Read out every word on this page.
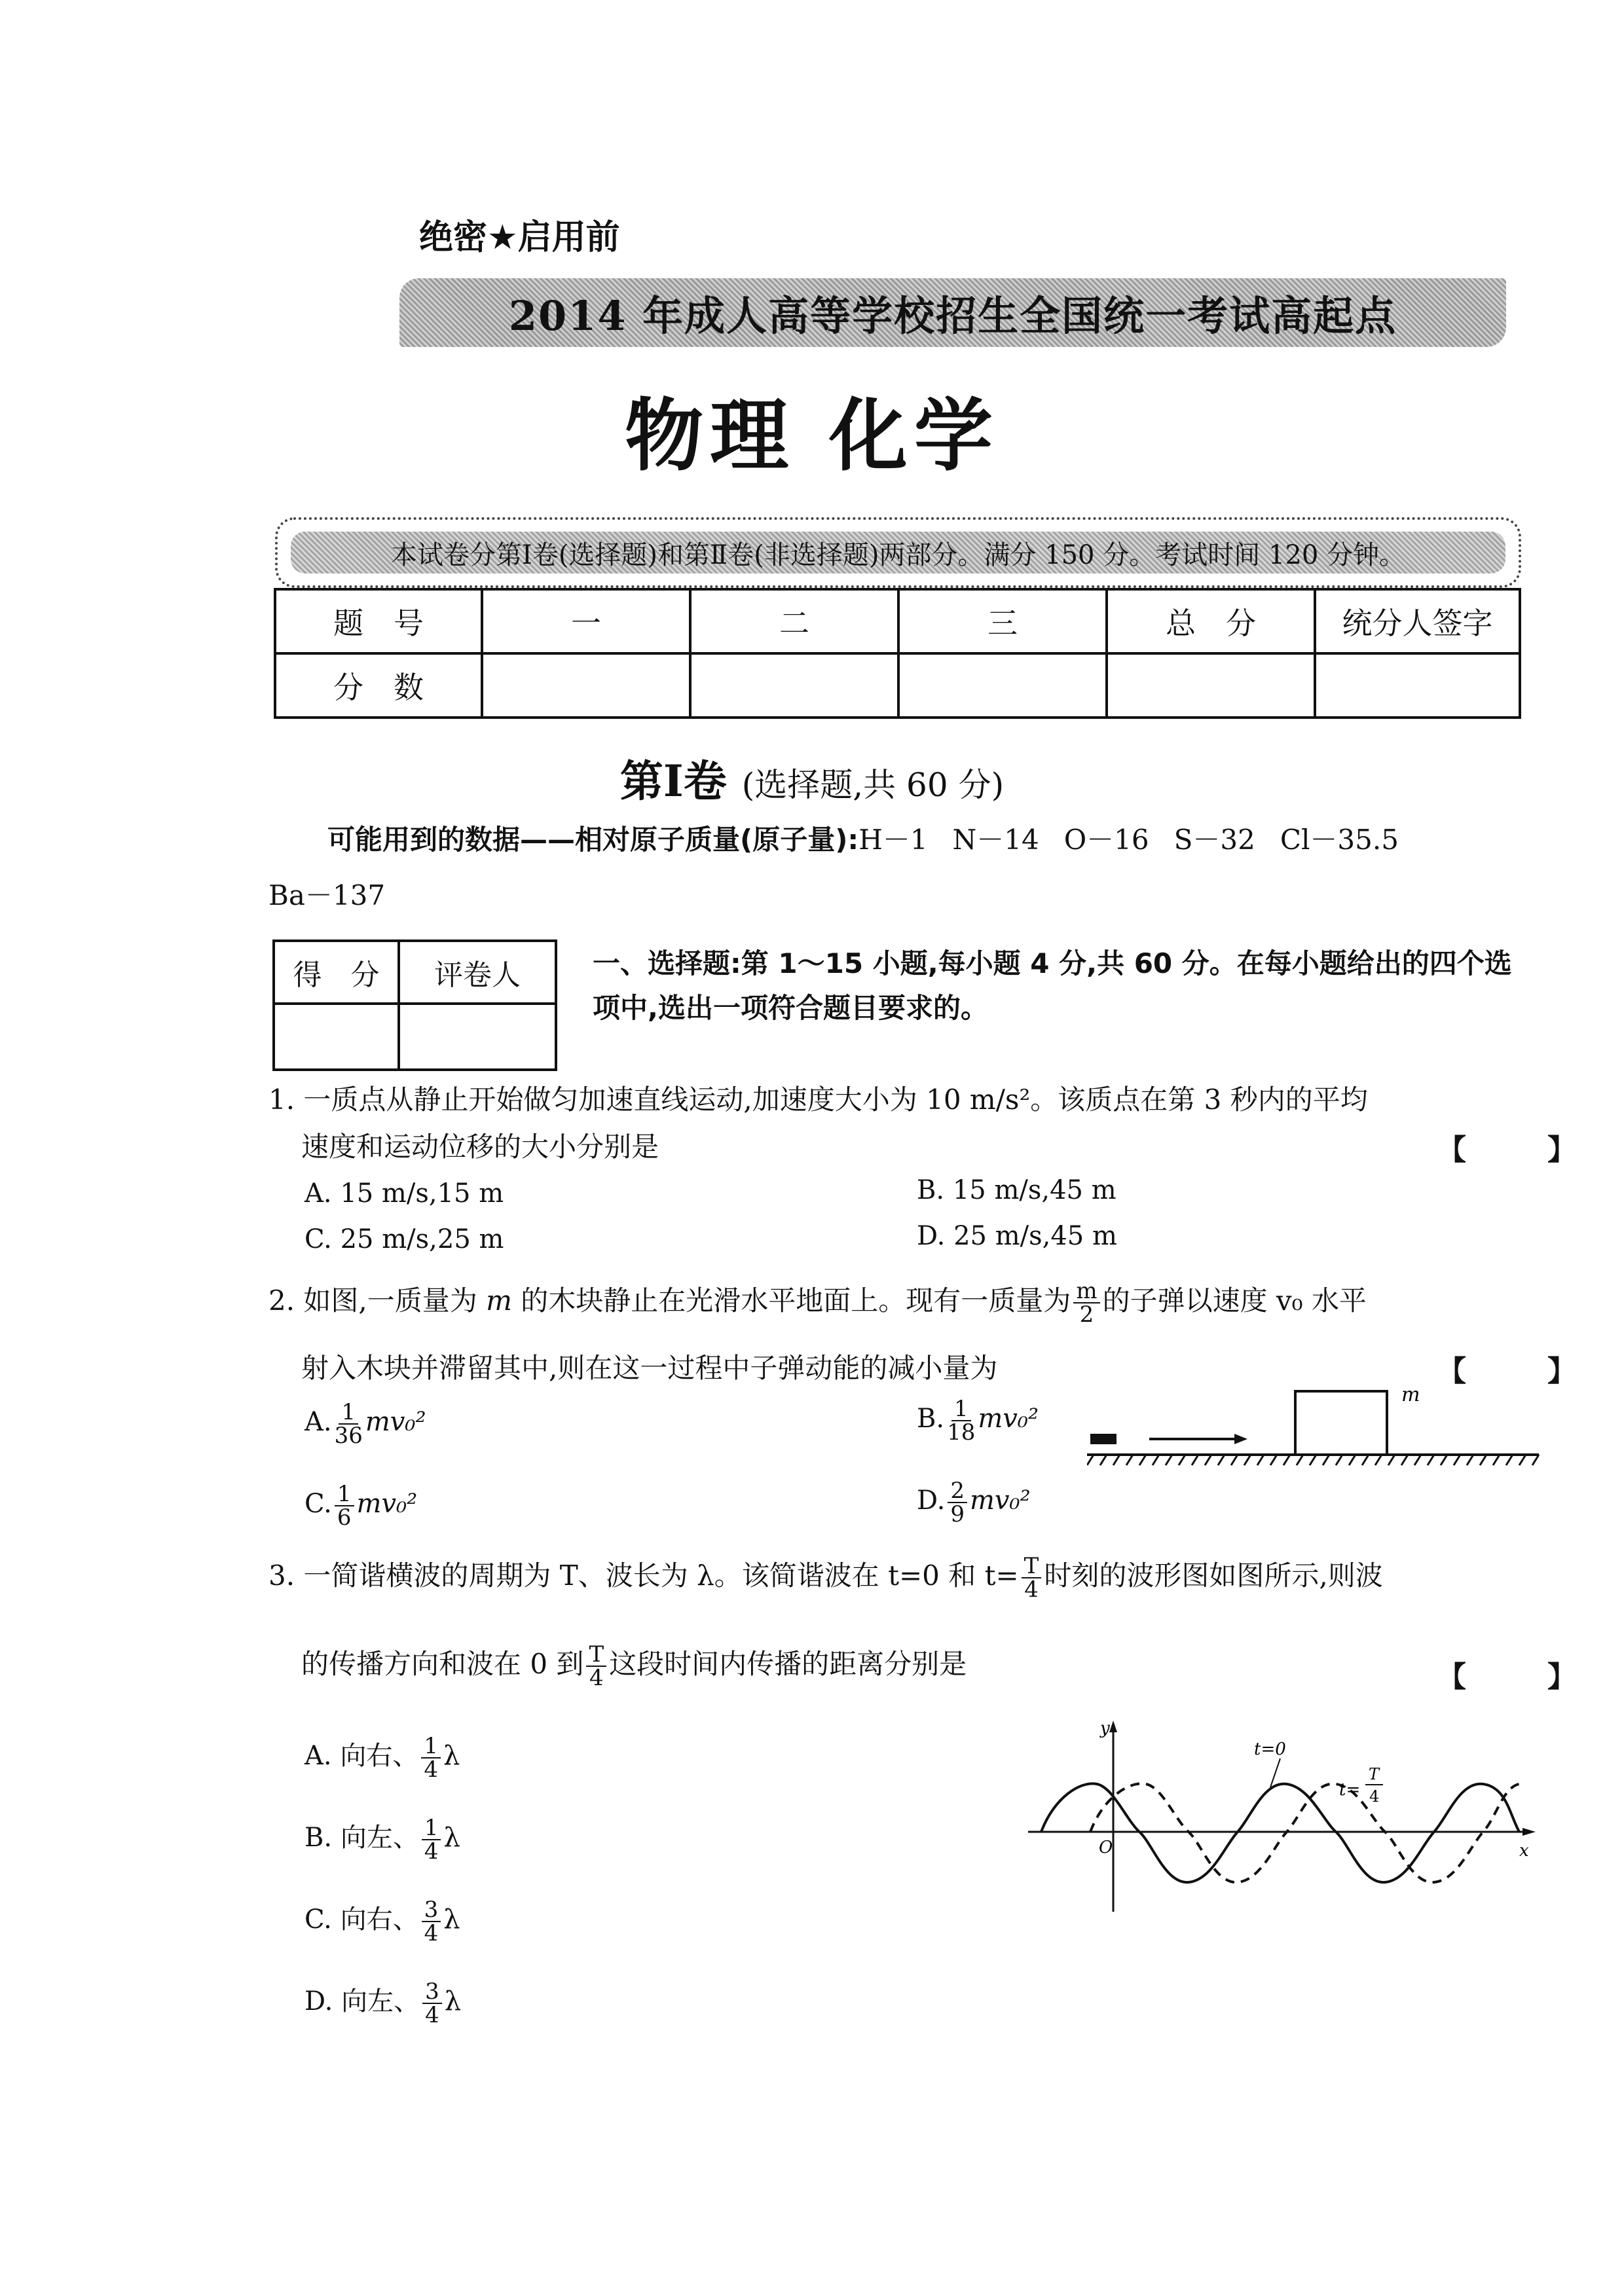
绝密★启用前
2014 年成人高等学校招生全国统一考试高起点
物理 化学
本试卷分第Ⅰ卷(选择题)和第Ⅱ卷(非选择题)两部分。满分 150 分。考试时间 120 分钟。
题　号	一	二	三	总　分	统分人签字
分　数					
第Ⅰ卷 (选择题,共 60 分)
可能用到的数据——相对原子质量(原子量):H－1 N－14 O－16 S－32 Cl－35.5
Ba－137
得　分	评卷人
		一、选择题:第 1～15 小题,每小题 4 分,共 60 分。在每小题给出的四个选项中,选出一项符合题目要求的。
1. 一质点从静止开始做匀加速直线运动,加速度大小为 10 m/s²。该质点在第 3 秒内的平均
速度和运动位移的大小分别是	【　】
A. 15 m/s,15 m	B. 15 m/s,45 m
C. 25 m/s,25 m	D. 25 m/s,45 m
2. 如图,一质量为 m 的木块静止在光滑水平地面上。现有一质量为 $\frac{m}{2}$ 的子弹以速度 v₀ 水平
射入木块并滞留其中,则在这一过程中子弹动能的减小量为	【　】
A. $\frac{1}{36} mv_0^2$	B. $\frac{1}{18} mv_0^2$
C. $\frac{1}{6} mv_0^2$	D. $\frac{2}{9} mv_0^2$
m
3. 一简谐横波的周期为 T、波长为 λ。该简谐波在 t=0 和 $t= \frac{T}{4}$ 时刻的波形图如图所示,则波
的传播方向和波在 0 到 $\frac{T}{4}$ 这段时间内传播的距离分别是	【　】
A. 向右、 $\frac{1}{4}$ λ
B. 向左、 $\frac{1}{4}$ λ
C. 向右、 $\frac{3}{4}$ λ
D. 向左、 $\frac{3}{4}$ λ
y
x
O
t=0
t=
T
4
